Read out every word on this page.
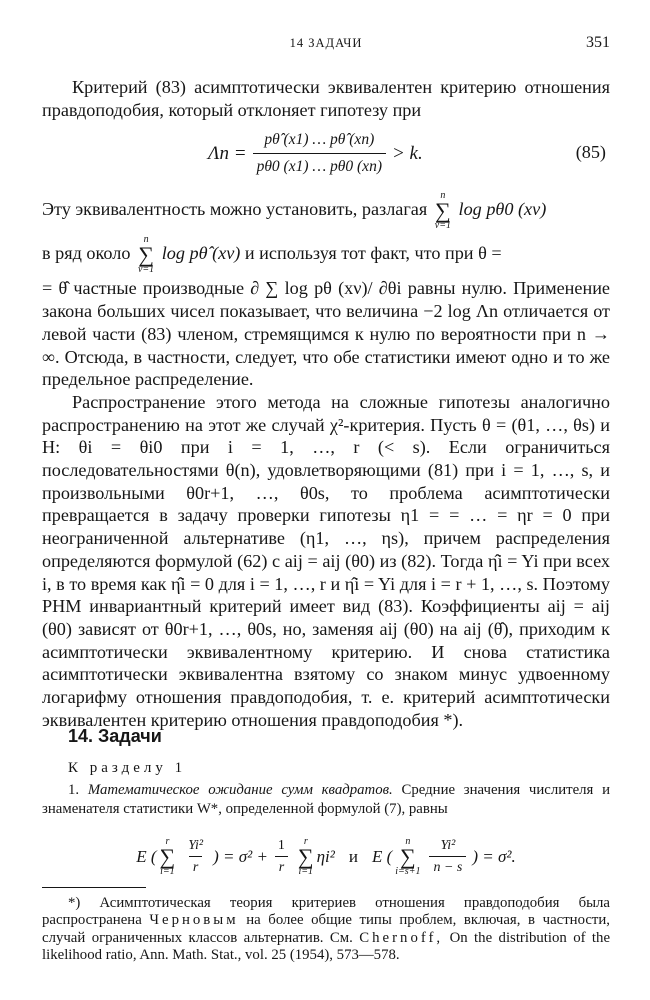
14 ЗАДАЧИ	351

Критерий (83) асимптотически эквивалентен критерию отношения правдоподобия, который отклоняет гипотезу при

$\Lambda n = \frac{p\thetâ (x1) \dots p\thetâ (xn)}{p\theta 0 (x1) \dots p\theta 0 (xn)} > k$.	(85)

Эту эквивалентность можно установить, разлагая
n
∑
ν=1
log pθ0 (xν)

в ряд около
n
∑
ν=1
log pθ̂ (xν) и используя тот факт, что при θ =

= θ̂ частные производные ∂ ∑ log pθ (xν)/ ∂θi равны нулю. Применение закона больших чисел показывает, что величина −2 log Λn отличается от левой части (83) членом, стремящимся к нулю по вероятности при n → ∞. Отсюда, в частности, следует, что обе статистики имеют одно и то же предельное распределение.

Распространение этого метода на сложные гипотезы аналогично распространению на этот же случай χ²-критерия. Пусть θ = (θ1, …, θs) и H: θi = θi0 при i = 1, …, r (< s). Если ограничиться последовательностями θ(n), удовлетворяющими (81) при i = 1, …, s, и произвольными θ0r+1, …, θ0s, то проблема асимптотически превращается в задачу проверки гипотезы η1 = = … = ηr = 0 при неограниченной альтернативе (η1, …, ηs), причем распределения определяются формулой (62) с aij = aij (θ0) из (82). Тогда η̂i = Yi при всех i, в то время как η̂i = 0 для i = 1, …, r и η̂i = Yi для i = r + 1, …, s. Поэтому РНМ инвариантный критерий имеет вид (83). Коэффициенты aij = aij (θ0) зависят от θ0r+1, …, θ0s, но, заменяя aij (θ0) на aij (θ̂), приходим к асимптотически эквивалентному критерию. И снова статистика асимптотически эквивалентна взятому со знаком минус удвоенному логарифму отношения правдоподобия, т. е. критерий асимптотически эквивалентен критерию отношения правдоподобия *).

14. Задачи
К разделу 1

1. Математическое ожидание сумм квадратов. Средние значения числителя и знаменателя статистики W*, определенной формулой (7), равны

E (
r
∑
$i=1 \frac{\text{Yi²}}{r}$ ) = $\sigma^2 + \frac{1}{r}$ r
∑
i=1
ηi² и E (
n
∑
$i=s+1 \frac{\text{Yi²}}{n - s}$ ) = σ².

*) Асимптотическая теория критериев отношения правдоподобия была распространена Черновым на более общие типы проблем, включая, в частности, случай ограниченных классов альтернатив. См. Chernoff, On the distribution of the likelihood ratio, Ann. Math. Stat., vol. 25 (1954), 573—578.
